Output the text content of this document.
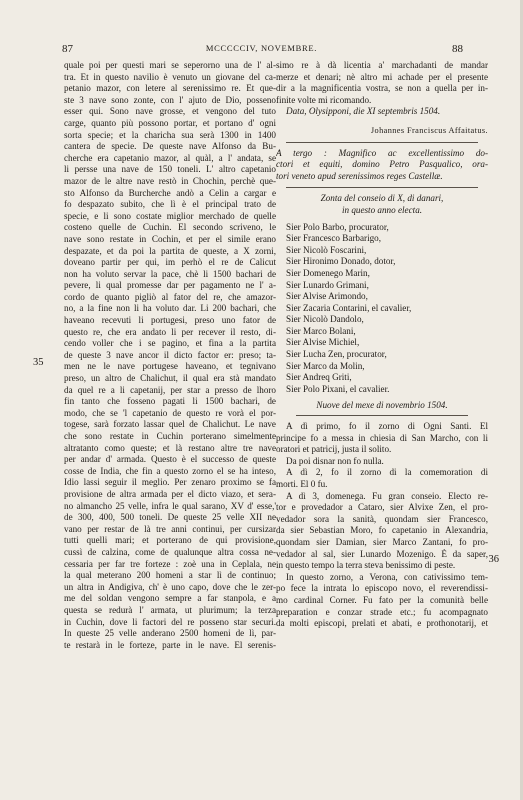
87	MCCCCCIV, NOVEMBRE.	88
35
36
quale poi per questi mari se seperorno una de l' al-
tra. Et in questo navilio è venuto un giovane del ca-
petanio mazor, con letere al serenissimo re. Et que-
ste 3 nave sono zonte, con l' ajuto de Dio, posseno
esser qui. Sono nave grosse, et vengono del tuto
carge, quanto più possono portar, et portano d' ogni
sorta specie; et la charicha sua serà 1300 in 1400
cantera de specie. De queste nave Alfonso da Bu-
cherche era capetanio mazor, al quàl, a l' andata, se
li persse una nave de 150 toneli. L' altro capetanio
mazor de le altre nave restò in Chochin, perchè que-
sto Alfonso da Burcherche andò a Celin a cargar e
fo despazato subito, che lì è el principal trato de
specie, e li sono costate miglior merchado de quelle
costeno quelle de Cuchin. El secondo scriveno, le
nave sono restate in Cochin, et per el simile erano
despazate, et da poi la partita de queste, a X zorni,
doveano partir per qui, im perhò el re de Calicut
non ha voluto servar la pace, chè li 1500 bachari de
pevere, li qual promesse dar per pagamento ne l' a-
cordo de quanto pigliò al fator del re, che amazor-
no, a la fine non li ha voluto dar. Li 200 bachari, che
haveano recevuti li portugesi, preso uno fator de
questo re, che era andato li per recever il resto, di-
cendo voller che i se pagino, et fina a la partita
de queste 3 nave ancor il dicto factor er: preso; ta-
men ne le nave portugese haveano, et tegnivano
preso, un altro de Chalichut, il qual era stà mandato
da quel re a li capetanij, per star a presso de lhoro
fin tanto che fosseno pagati li 1500 bachari, de
modo, che se 'l capetanio de questo re vorà el por-
togese, sarà forzato lassar quel de Chalichut. Le nave
che sono restate in Cuchin porterano simelmente
altratanto como queste; et là restano altre tre nave
per andar d' armada. Questo è el successo de queste
cosse de India, che fin a questo zorno el se ha inteso,
Idio lassi seguir il meglio. Per zenaro proximo se fa
provisione de altra armada per el dicto viazo, et sera-
no almancho 25 velle, infra le qual sarano, XV d' esse,'
de 300, 400, 500 toneli. De queste 25 velle XII ne
vano per restar de là tre anni continui, per cursizar
tutti quelli mari; et porterano de qui provisione,
cussì de calzina, come de qualunque altra cossa ne-
cessaria per far tre forteze : zoè una in Ceplala, ne
la qual meterano 200 homeni a star lì de continuo;
un altra in Andigiva, ch' è uno capo, dove che le zer-
me del soldan vengono sempre a far stanpola, e a
questa se redurà l' armata, ut plurimum; la terza
in Cuchin, dove li factori del re posseno star securi.
In queste 25 velle anderano 2500 homeni de lì, par-
te restarà in le forteze, parte in le nave. El serenis-
simo re à dà licentia a' marchadanti de mandar
merze et denari; nè altro mi achade per el presente
dir a la magnificentia vostra, se non a quella per in-
finite volte mi ricomando.
Data, Olysipponi, die XI septembris 1504.
Johannes Franciscus Affaitatus.
A tergo : Magnifico ac excellentissimo do-
ctori et equiti, domino Petro Pasqualico, ora-
tori veneto apud serenissimos reges Castellæ.
Zonta del conseio di X, di danari,
in questo anno electa.
Sier Polo Barbo, procurator,
Sier Francesco Barbarigo,
Sier Nicolò Foscarini,
Sier Hironimo Donado, dotor,
Sier Domenego Marin,
Sier Lunardo Grimani,
Sier Alvise Arimondo,
Sier Zacaria Contarini, el cavalier,
Sier Nicolò Dandolo,
Sier Marco Bolani,
Sier Alvise Michiel,
Sier Lucha Zen, procurator,
Sier Marco da Molin,
Sier Andreq Griti,
Sier Polo Pixani, el cavalier.
Nuove del mexe di novembrio 1504.
A dì primo, fo il zorno di Ogni Santi. El
principe fo a messa in chiesia di San Marcho, con li
oratori et patricij, justa il solito.
Da poi disnar non fo nulla.
A dì 2, fo il zorno di la comemoration di
morti. El 0 fu.
A dì 3, domenega. Fu gran conseio. Electo re-
tor e provedador a Cataro, sier Alvixe Zen, el pro-
vedador sora la sanità, quondam sier Francesco,
da sier Sebastian Moro, fo capetanio in Alexandria,
quondam sier Damian, sier Marco Zantani, fo pro-
vedador al sal, sier Lunardo Mozenigo. È da saper,
in questo tempo la terra steva benissimo di peste.
In questo zorno, a Verona, con cativissimo tem-
po fece la intrata lo episcopo novo, el reverendissi-
mo cardinal Corner. Fu fato per la comunità belle
preparation e conzar strade etc.; fu acompagnato
da molti episcopi, prelati et abati, e prothonotarij, et
